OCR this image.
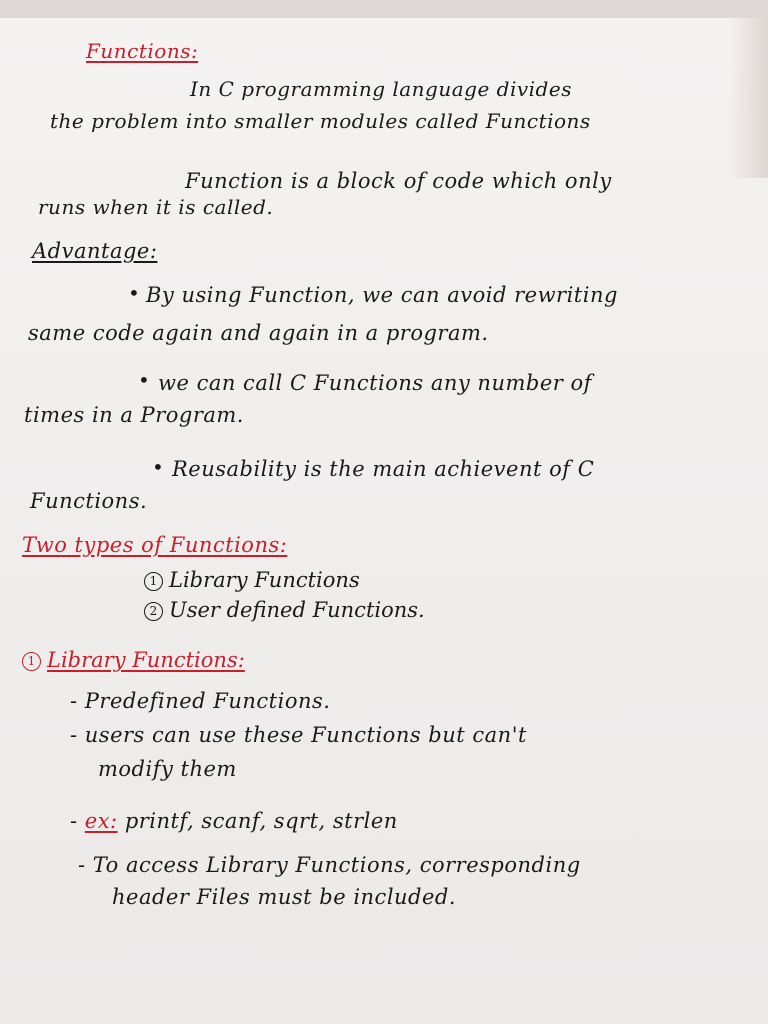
Functions:
In C programming language divides
the problem into smaller modules called Functions
Function is a block of code which only
runs when it is called.
Advantage:
• By using Function, we can avoid rewriting
same code again and again in a program.
• we can call C Functions any number of
times in a Program.
• Reusability is the main achievent of C
Functions.
Two types of Functions:
1 Library Functions
2 User defined Functions.
1 Library Functions:
- Predefined Functions.
- users can use these Functions but can't
modify them
- ex: printf, scanf, sqrt, strlen
- To access Library Functions, corresponding
header Files must be included.
